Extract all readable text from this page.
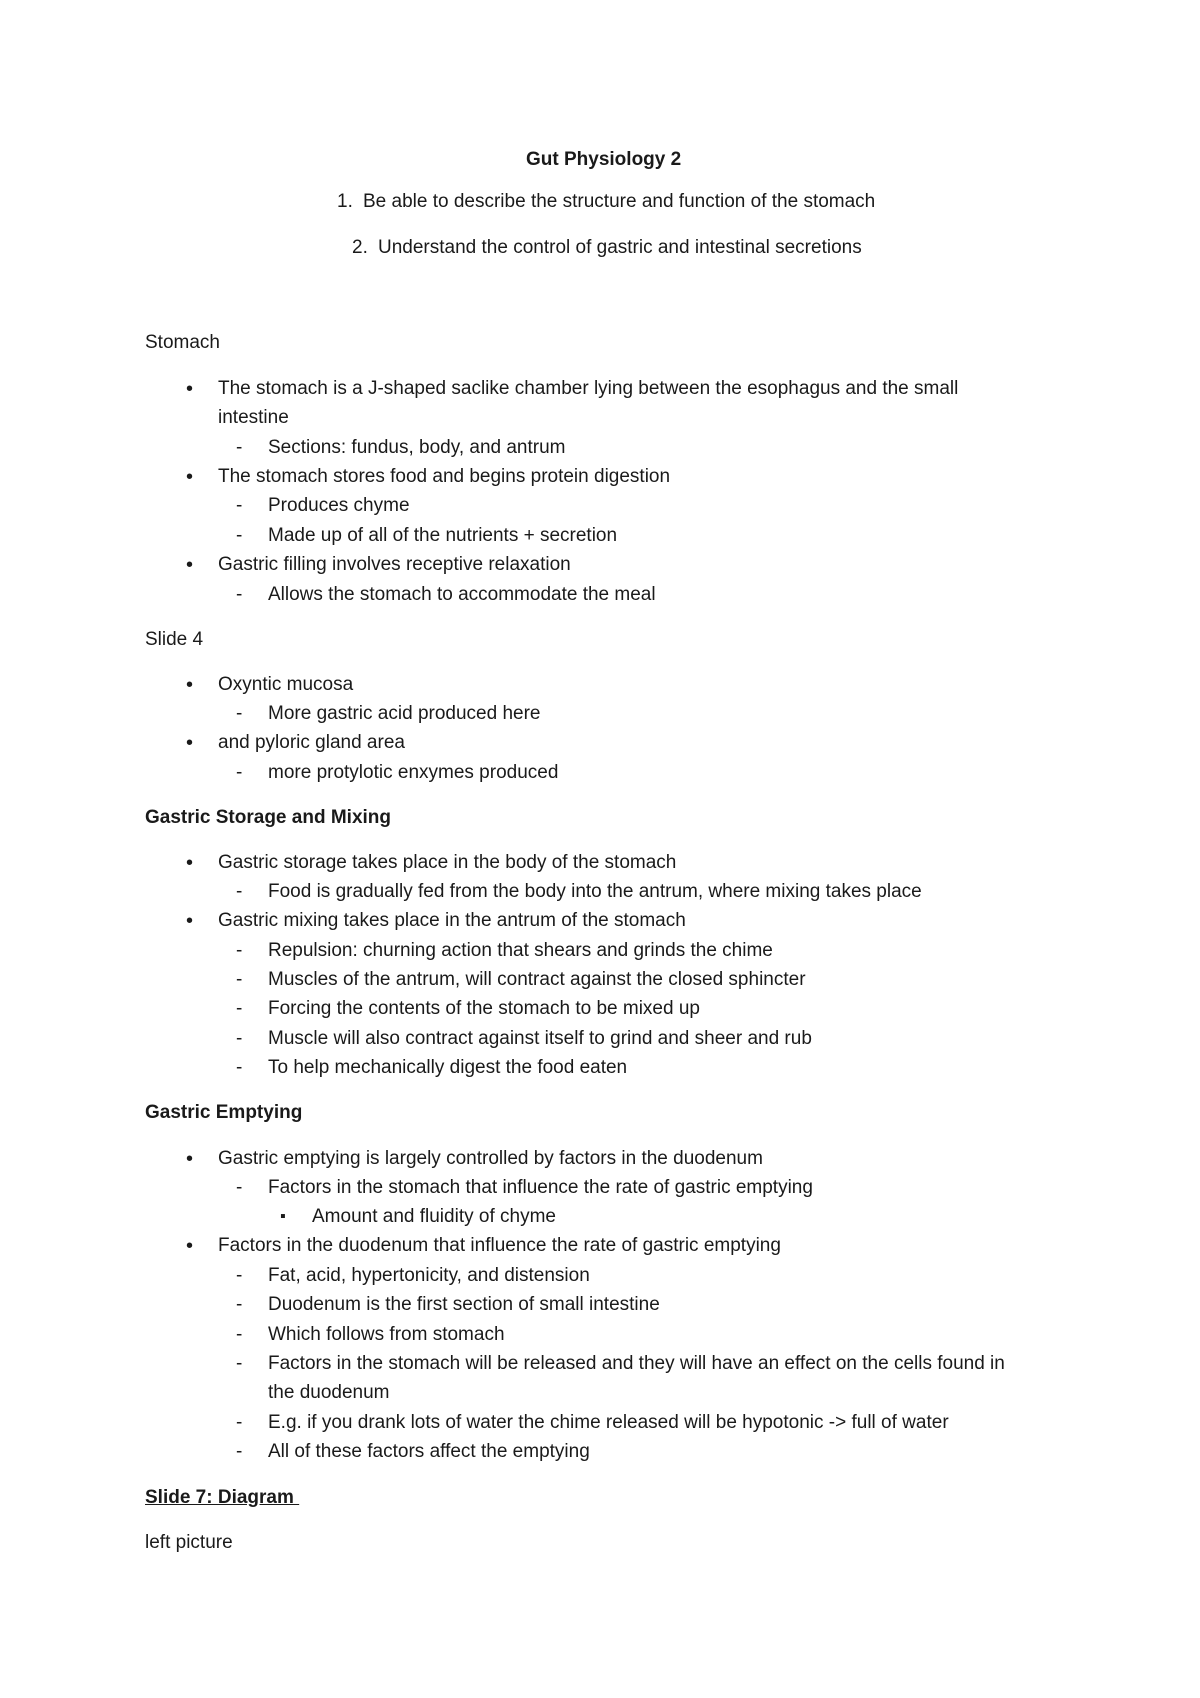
Gut Physiology 2
1. Be able to describe the structure and function of the stomach
2. Understand the control of gastric and intestinal secretions
Stomach
• The stomach is a J-shaped saclike chamber lying between the esophagus and the small
intestine
- Sections: fundus, body, and antrum
• The stomach stores food and begins protein digestion
- Produces chyme
- Made up of all of the nutrients + secretion
• Gastric filling involves receptive relaxation
- Allows the stomach to accommodate the meal
Slide 4
• Oxyntic mucosa
- More gastric acid produced here
• and pyloric gland area
- more protylotic enxymes produced
Gastric Storage and Mixing
• Gastric storage takes place in the body of the stomach
- Food is gradually fed from the body into the antrum, where mixing takes place
• Gastric mixing takes place in the antrum of the stomach
- Repulsion: churning action that shears and grinds the chime
- Muscles of the antrum, will contract against the closed sphincter
- Forcing the contents of the stomach to be mixed up
- Muscle will also contract against itself to grind and sheer and rub
- To help mechanically digest the food eaten
Gastric Emptying
• Gastric emptying is largely controlled by factors in the duodenum
- Factors in the stomach that influence the rate of gastric emptying
▪ Amount and fluidity of chyme
• Factors in the duodenum that influence the rate of gastric emptying
- Fat, acid, hypertonicity, and distension
- Duodenum is the first section of small intestine
- Which follows from stomach
- Factors in the stomach will be released and they will have an effect on the cells found in
the duodenum
- E.g. if you drank lots of water the chime released will be hypotonic -> full of water
- All of these factors affect the emptying
Slide 7: Diagram
left picture
